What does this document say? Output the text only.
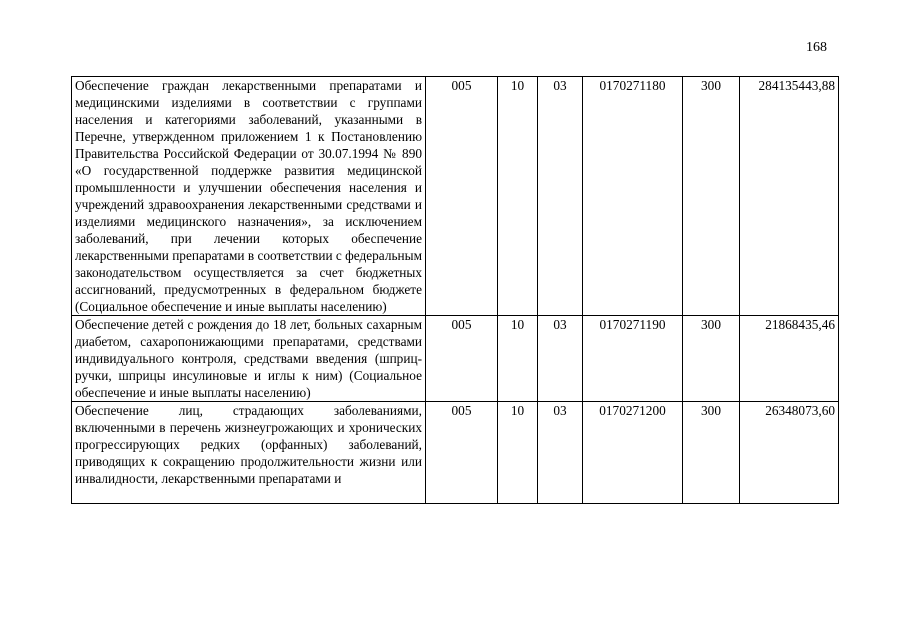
168
Обеспечение граждан лекарственными препаратами и медицинскими изделиями в соответствии с группами населения и категориями заболеваний, указанными в Перечне, утвержденном приложением 1 к Постановлению Правительства Российской Федерации от 30.07.1994 № 890 «О государственной поддержке развития медицинской промышленности и улучшении обеспечения населения и учреждений здравоохранения лекарственными средствами и изделиями медицинского назначения», за исключением заболеваний, при лечении которых обеспечение лекарственными препаратами в соответствии с федеральным законодательством осуществляется за счет бюджетных ассигнований, предусмотренных в федеральном бюджете (Социальное обеспечение и иные выплаты населению)	005	10	03	0170271180	300	284135443,88
Обеспечение детей с рождения до 18 лет, больных сахарным диабетом, сахаропонижающими препаратами, средствами индивидуального контроля, средствами введения (шприц-ручки, шприцы инсулиновые и иглы к ним) (Социальное обеспечение и иные выплаты населению)	005	10	03	0170271190	300	21868435,46
Обеспечение лиц, страдающих заболеваниями, включенными в перечень жизнеугрожающих и хронических прогрессирующих редких (орфанных) заболеваний, приводящих к сокращению продолжительности жизни или инвалидности, лекарственными препаратами и	005	10	03	0170271200	300	26348073,60
